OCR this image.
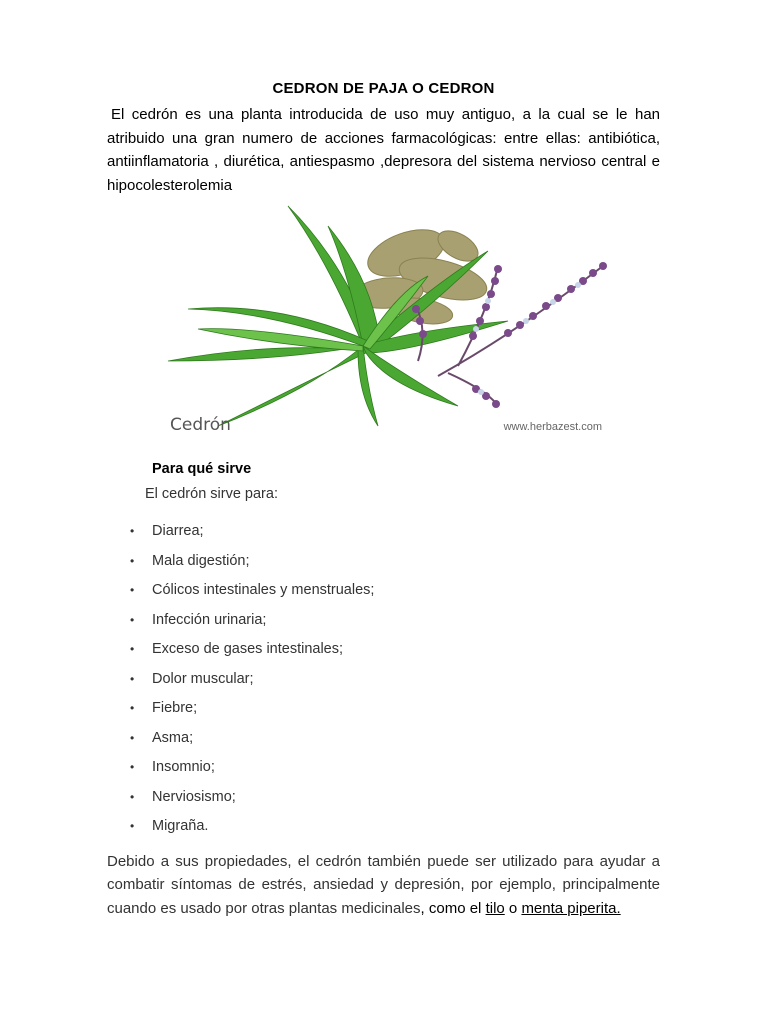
CEDRON DE PAJA O CEDRON

El cedrón es una planta introducida de uso muy antiguo, a la cual se le han atribuido una gran numero de acciones farmacológicas: entre ellas: antibiótica, antiinflamatoria , diurética, antiespasmo ,depresora del sistema nervioso central e hipocolesterolemia

Cedrón	www.herbazest.com
Para qué sirve
El cedrón sirve para:
• Diarrea;
• Mala digestión;
• Cólicos intestinales y menstruales;
• Infección urinaria;
• Exceso de gases intestinales;
• Dolor muscular;
• Fiebre;
• Asma;
• Insomnio;
• Nerviosismo;
• Migraña.

Debido a sus propiedades, el cedrón también puede ser utilizado para ayudar a combatir síntomas de estrés, ansiedad y depresión, por ejemplo, principalmente cuando es usado por otras plantas medicinales, como el tilo o menta piperita.
